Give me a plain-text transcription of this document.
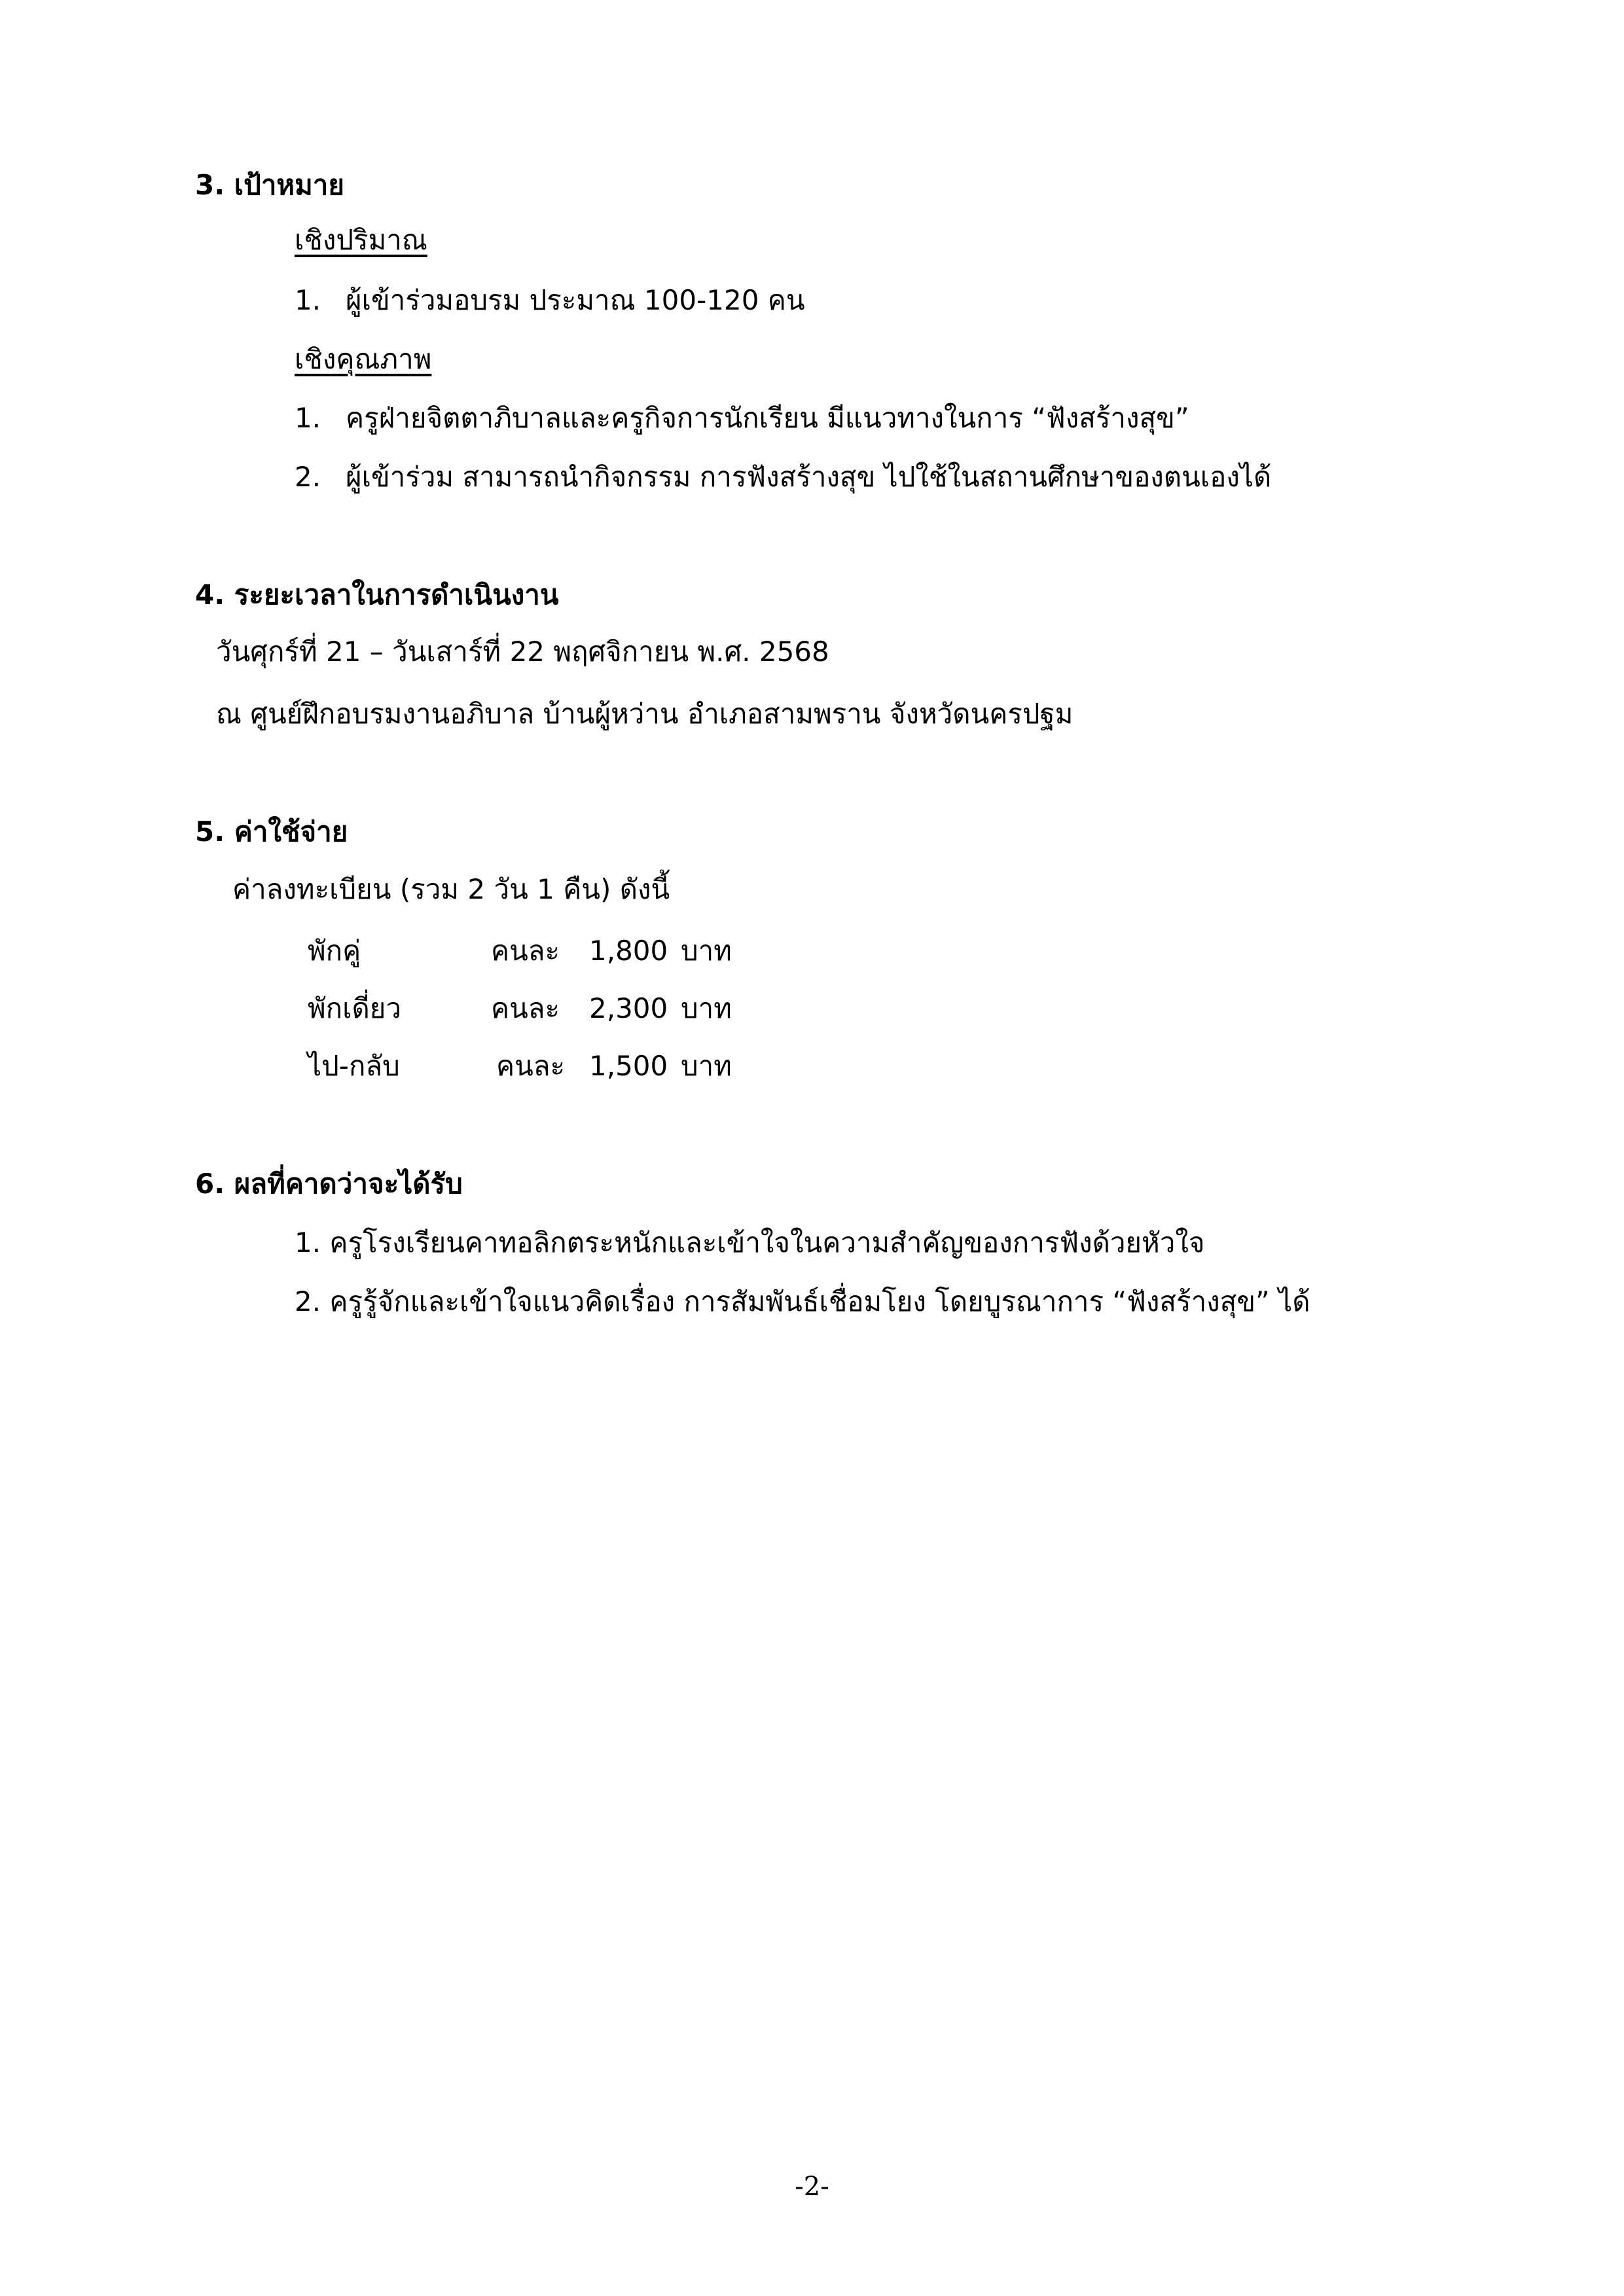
3. เป้าหมาย
เชิงปริมาณ
1. ผู้เข้าร่วมอบรม ประมาณ 100-120 คน
เชิงคุณภาพ
1. ครูฝ่ายจิตตาภิบาลและครูกิจการนักเรียน มีแนวทางในการ “ฟังสร้างสุข”
2. ผู้เข้าร่วม สามารถนำกิจกรรม การฟังสร้างสุข ไปใช้ในสถานศึกษาของตนเองได้
4. ระยะเวลาในการดำเนินงาน
วันศุกร์ที่ 21 – วันเสาร์ที่ 22 พฤศจิกายน พ.ศ. 2568
ณ ศูนย์ฝึกอบรมงานอภิบาล บ้านผู้หว่าน อำเภอสามพราน จังหวัดนครปฐม
5. ค่าใช้จ่าย
ค่าลงทะเบียน (รวม 2 วัน 1 คืน) ดังนี้
พักคู่	คนละ 1,800 บาท
พักเดี่ยว	คนละ 2,300 บาท
ไป-กลับ	คนละ 1,500 บาท
6. ผลที่คาดว่าจะได้รับ
1. ครูโรงเรียนคาทอลิกตระหนักและเข้าใจในความสำคัญของการฟังด้วยหัวใจ
2. ครูรู้จักและเข้าใจแนวคิดเรื่อง การสัมพันธ์เชื่อมโยง โดยบูรณาการ “ฟังสร้างสุข” ได้
-2-
